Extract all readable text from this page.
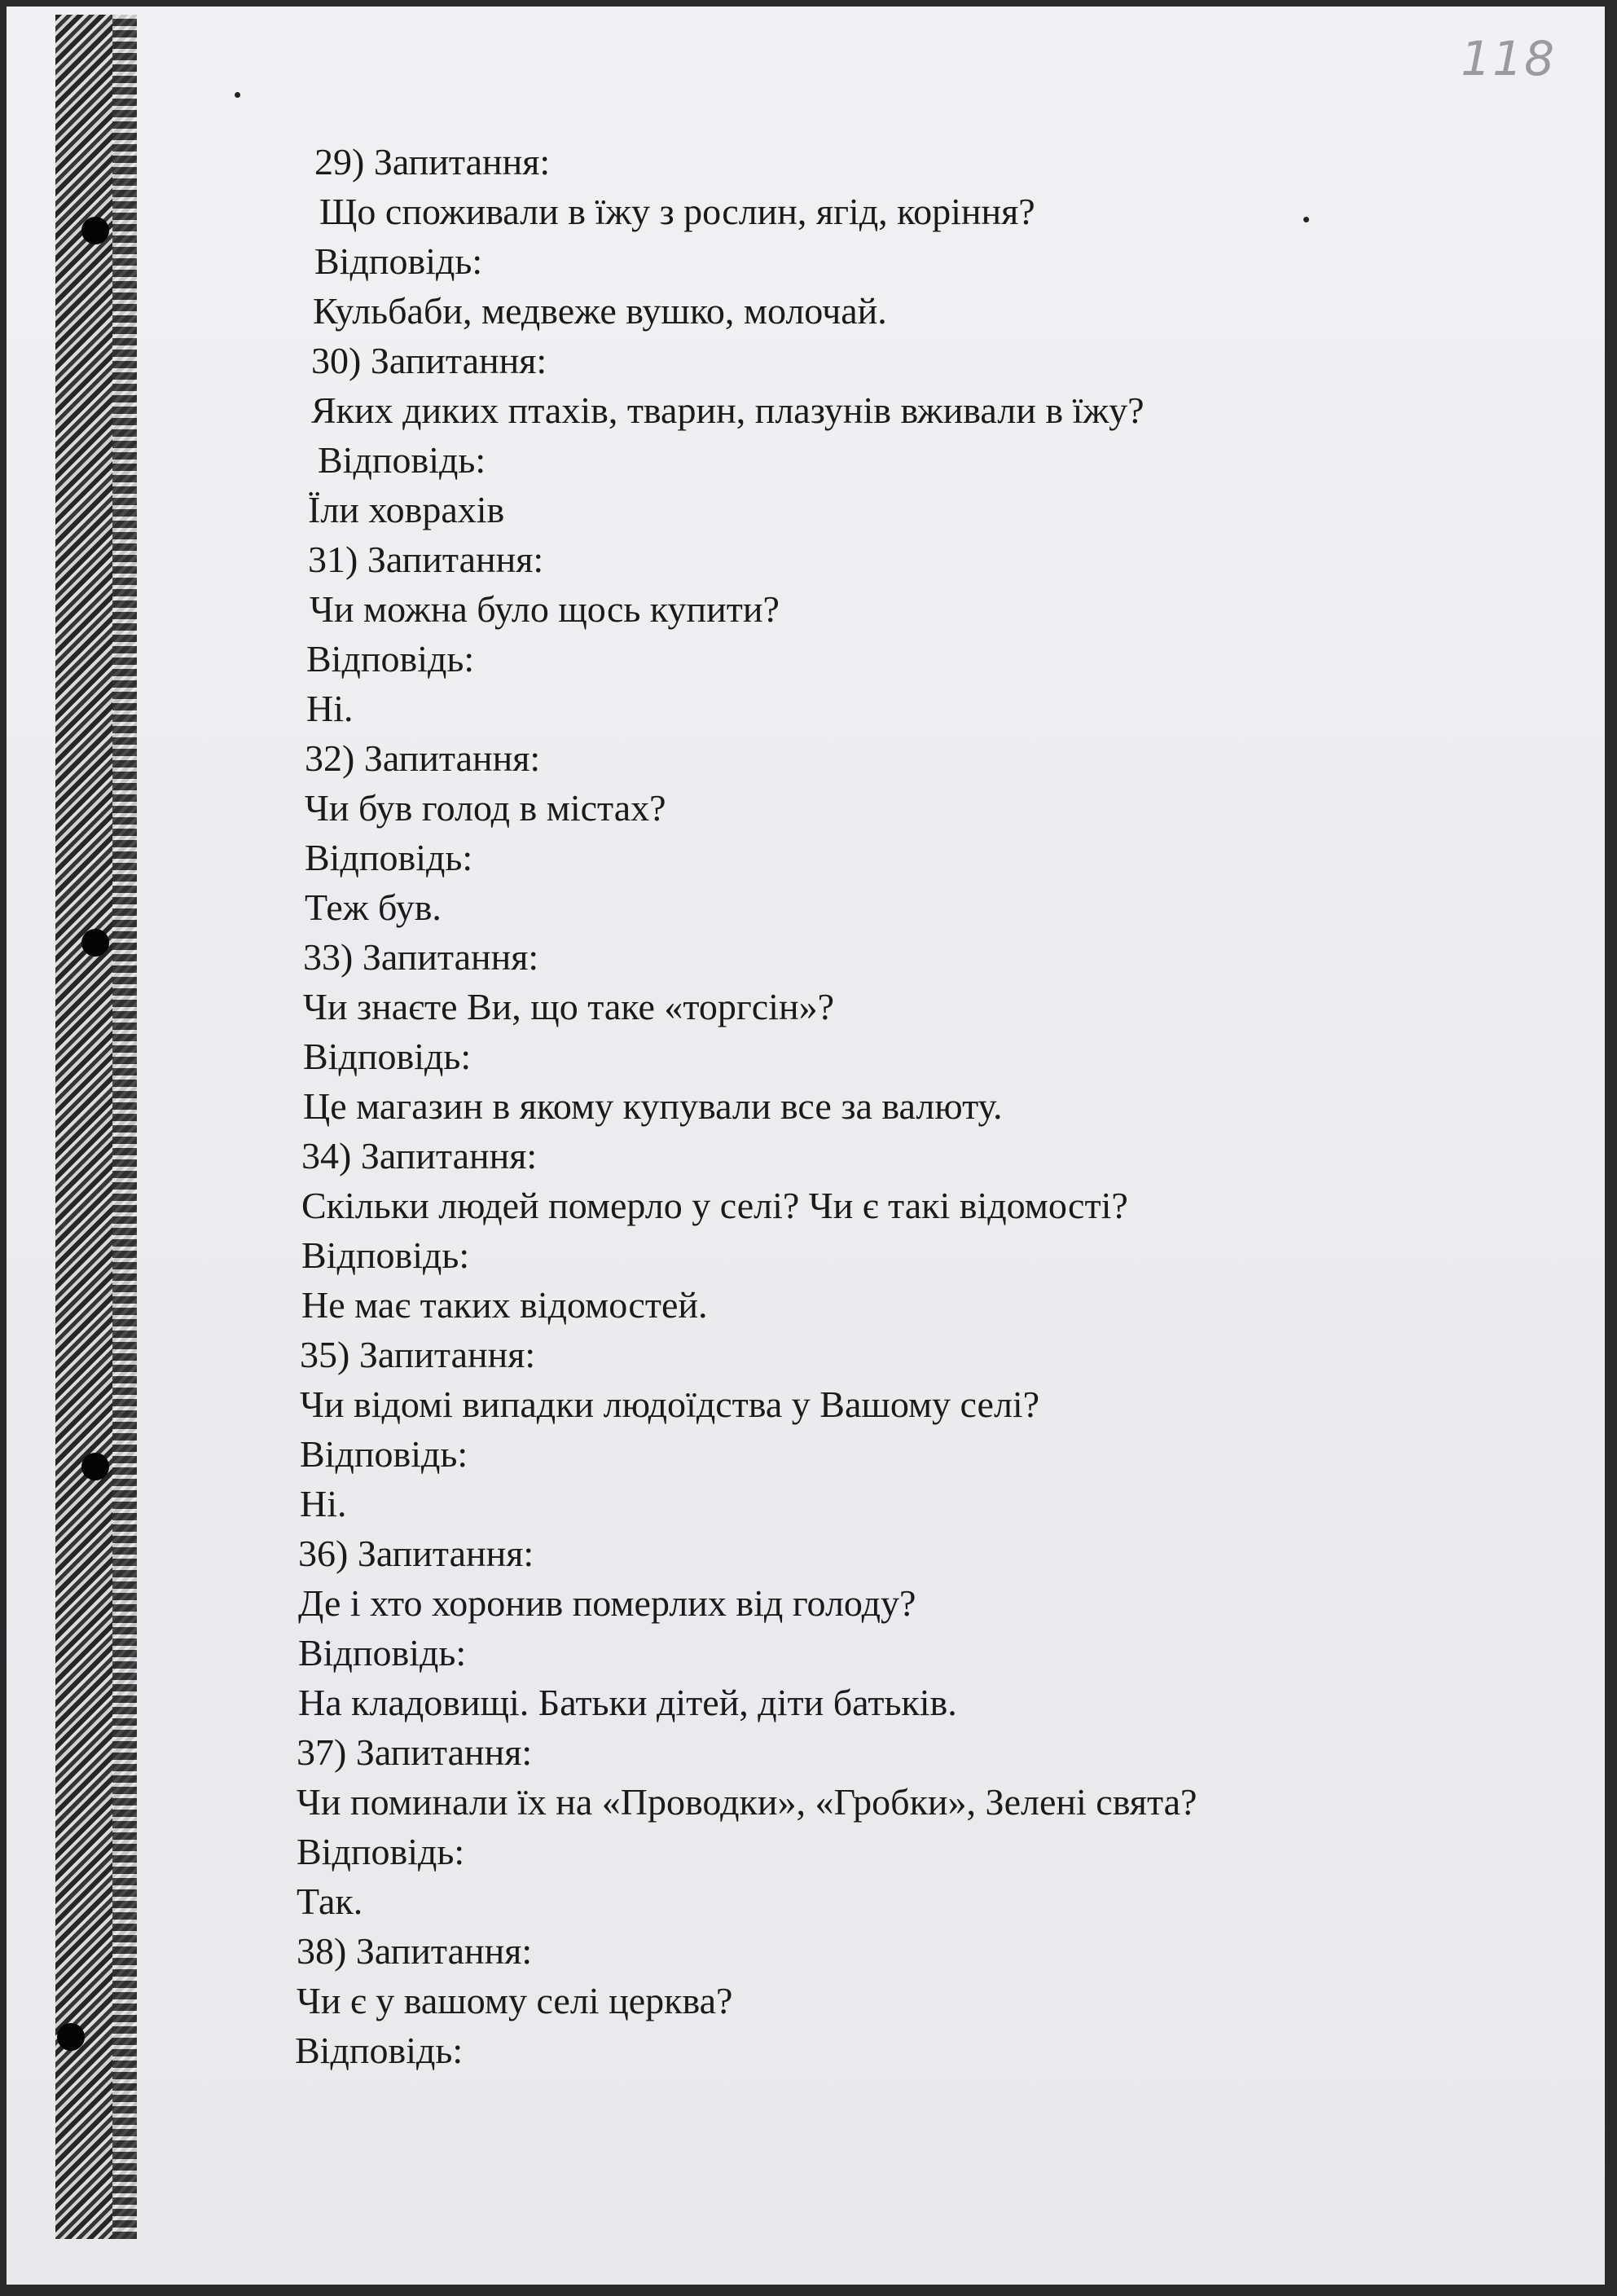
118
29) Запитання:
Що споживали в їжу з рослин, ягід, коріння?
Відповідь:
Кульбаби, медвеже вушко, молочай.
30) Запитання:
Яких диких птахів, тварин, плазунів вживали в їжу?
Відповідь:
Їли ховрахів
31) Запитання:
Чи можна було щось купити?
Відповідь:
Ні.
32) Запитання:
Чи був голод в містах?
Відповідь:
Теж був.
33) Запитання:
Чи знаєте Ви, що таке «торгсін»?
Відповідь:
Це магазин в якому купували все за валюту.
34) Запитання:
Скільки людей померло у селі? Чи є такі відомості?
Відповідь:
Не має таких відомостей.
35) Запитання:
Чи відомі випадки людоїдства у Вашому селі?
Відповідь:
Ні.
36) Запитання:
Де і хто хоронив померлих від голоду?
Відповідь:
На кладовищі. Батьки дітей, діти батьків.
37) Запитання:
Чи поминали їх на «Проводки», «Гробки», Зелені свята?
Відповідь:
Так.
38) Запитання:
Чи є у вашому селі церква?
Відповідь:
